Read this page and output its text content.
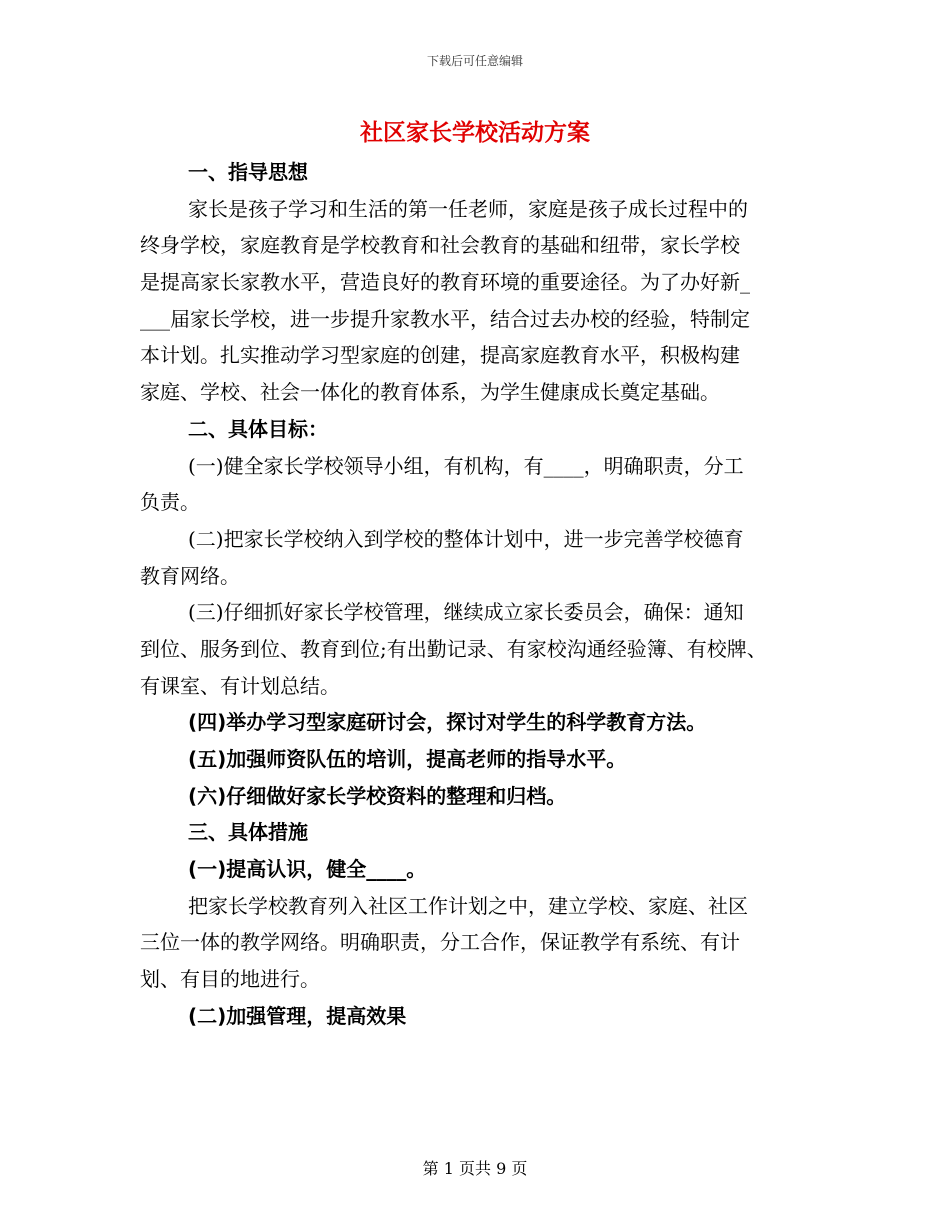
下载后可任意编辑
社区家长学校活动方案
一、指导思想
家长是孩子学习和生活的第一任老师，家庭是孩子成长过程中的
终身学校，家庭教育是学校教育和社会教育的基础和纽带，家长学校
是提高家长家教水平，营造良好的教育环境的重要途径。为了办好新_
___届家长学校，进一步提升家教水平，结合过去办校的经验，特制定
本计划。扎实推动学习型家庭的创建，提高家庭教育水平，积极构建
家庭、学校、社会一体化的教育体系，为学生健康成长奠定基础。
二、具体目标：
(一)健全家长学校领导小组，有机构，有____，明确职责，分工
负责。
(二)把家长学校纳入到学校的整体计划中，进一步完善学校德育
教育网络。
(三)仔细抓好家长学校管理，继续成立家长委员会，确保：通知
到位、服务到位、教育到位;有出勤记录、有家校沟通经验簿、有校牌、
有课室、有计划总结。
(四)举办学习型家庭研讨会，探讨对学生的科学教育方法。
(五)加强师资队伍的培训，提高老师的指导水平。
(六)仔细做好家长学校资料的整理和归档。
三、具体措施
(一)提高认识，健全____。
把家长学校教育列入社区工作计划之中，建立学校、家庭、社区
三位一体的教学网络。明确职责，分工合作，保证教学有系统、有计
划、有目的地进行。
(二)加强管理，提高效果
第 1 页共 9 页
